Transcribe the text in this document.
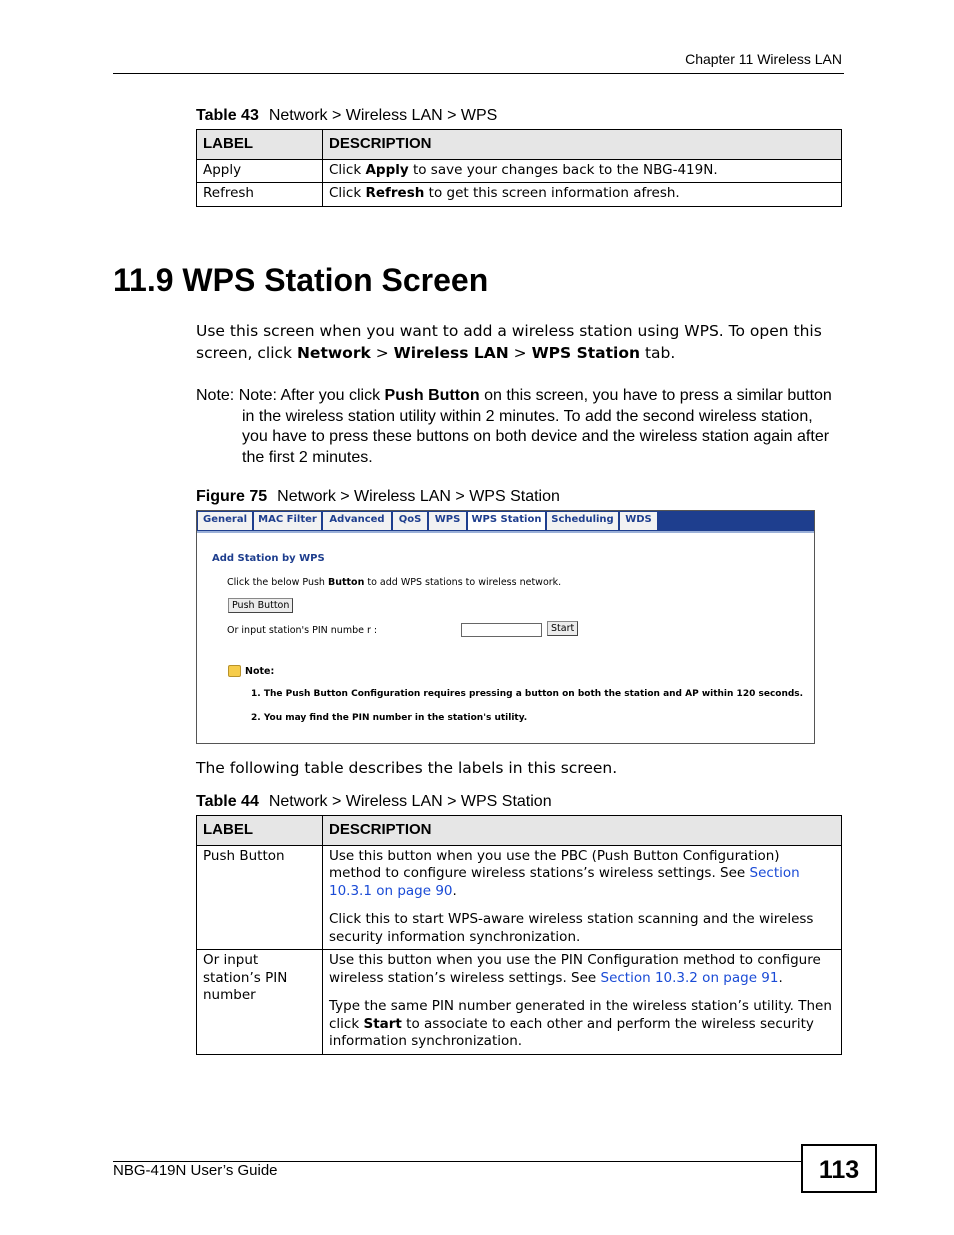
Chapter 11 Wireless LAN
Table 43 Network > Wireless LAN > WPS
LABEL	DESCRIPTION
Apply	Click Apply to save your changes back to the NBG-419N.
Refresh	Click Refresh to get this screen information afresh.
11.9 WPS Station Screen
Use this screen when you want to add a wireless station using WPS. To open this screen, click Network > Wireless LAN > WPS Station tab.
Note: Note: After you click Push Button on this screen, you have to press a similar button in the wireless station utility within 2 minutes. To add the second wireless station, you have to press these buttons on both device and the wireless station again after the first 2 minutes.
Figure 75 Network > Wireless LAN > WPS Station
General	MAC Filter	Advanced	QoS	WPS	WPS Station Scheduling	WDS
Add Station by WPS
Click the below Push Button to add WPS stations to wireless network.
Push Button
Or input station's PIN numbe r :	Start
Note:
1. The Push Button Configuration requires pressing a button on both the station and AP within 120 seconds.
2. You may find the PIN number in the station's utility.
The following table describes the labels in this screen.
Table 44 Network > Wireless LAN > WPS Station
LABEL	DESCRIPTION
Push Button	Use this button when you use the PBC (Push Button Configuration) method to configure wireless stations’s wireless settings. See Section 10.3.1 on page 90.
Click this to start WPS-aware wireless station scanning and the wireless security information synchronization.

Or input station’s PIN number	Use this button when you use the PIN Configuration method to configure wireless station’s wireless settings. See Section 10.3.2 on page 91.
Type the same PIN number generated in the wireless station’s utility. Then click Start to associate to each other and perform the wireless security information synchronization.
NBG-419N User’s Guide	113
